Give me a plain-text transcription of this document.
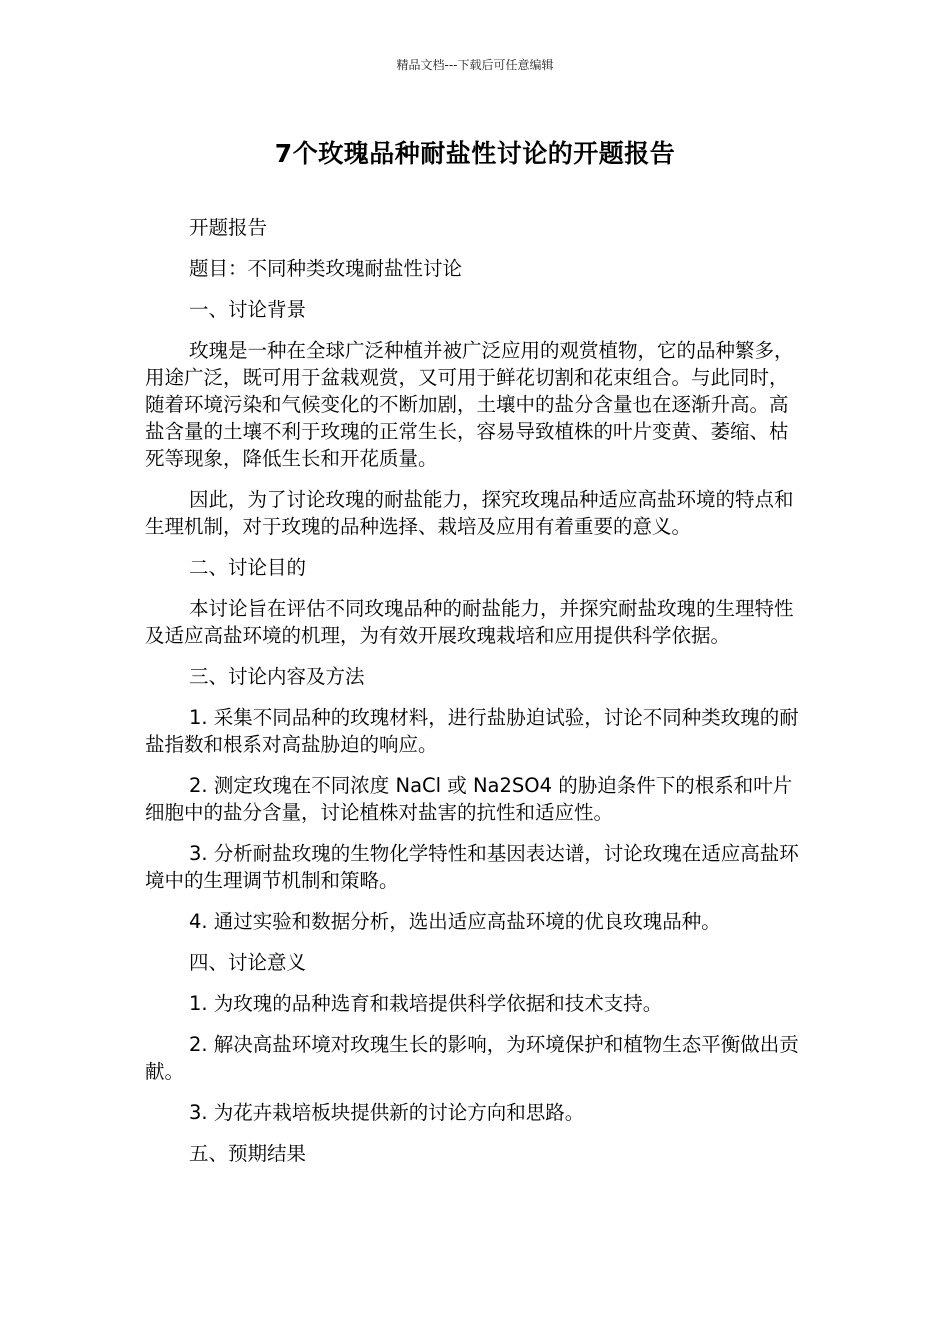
精品文档---下载后可任意编辑
7个玫瑰品种耐盐性讨论的开题报告

开题报告

题目：不同种类玫瑰耐盐性讨论

一、讨论背景

玫瑰是一种在全球广泛种植并被广泛应用的观赏植物，它的品种繁多，用途广泛，既可用于盆栽观赏，又可用于鲜花切割和花束组合。与此同时，随着环境污染和气候变化的不断加剧，土壤中的盐分含量也在逐渐升高。高盐含量的土壤不利于玫瑰的正常生长，容易导致植株的叶片变黄、萎缩、枯死等现象，降低生长和开花质量。

因此，为了讨论玫瑰的耐盐能力，探究玫瑰品种适应高盐环境的特点和生理机制，对于玫瑰的品种选择、栽培及应用有着重要的意义。

二、讨论目的

本讨论旨在评估不同玫瑰品种的耐盐能力，并探究耐盐玫瑰的生理特性及适应高盐环境的机理，为有效开展玫瑰栽培和应用提供科学依据。

三、讨论内容及方法

1. 采集不同品种的玫瑰材料，进行盐胁迫试验，讨论不同种类玫瑰的耐盐指数和根系对高盐胁迫的响应。

2. 测定玫瑰在不同浓度 NaCl 或 Na2SO4 的胁迫条件下的根系和叶片细胞中的盐分含量，讨论植株对盐害的抗性和适应性。

3. 分析耐盐玫瑰的生物化学特性和基因表达谱，讨论玫瑰在适应高盐环境中的生理调节机制和策略。

4. 通过实验和数据分析，选出适应高盐环境的优良玫瑰品种。

四、讨论意义

1. 为玫瑰的品种选育和栽培提供科学依据和技术支持。

2. 解决高盐环境对玫瑰生长的影响，为环境保护和植物生态平衡做出贡献。

3. 为花卉栽培板块提供新的讨论方向和思路。

五、预期结果
